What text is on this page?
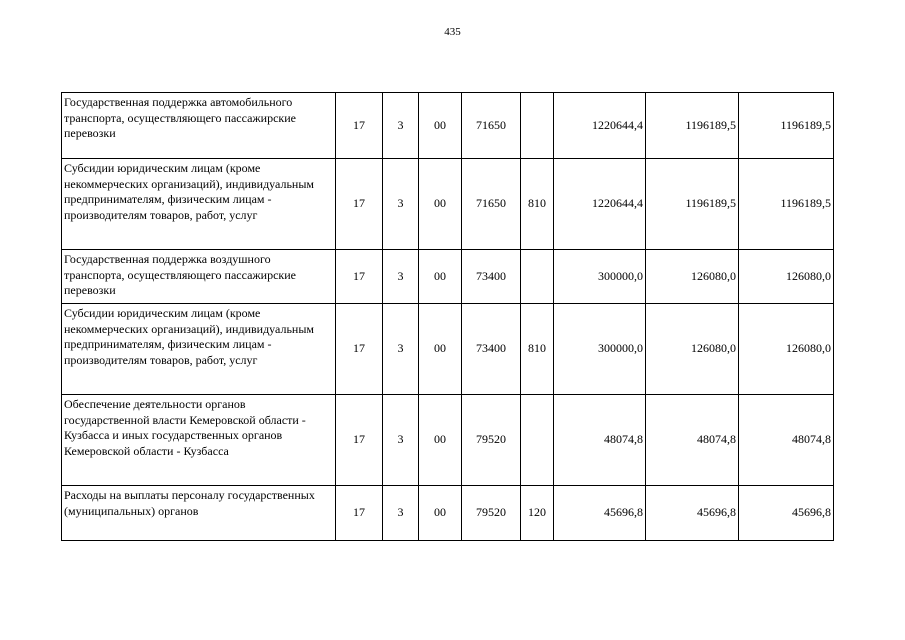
435
Государственная поддержка автомобильного транспорта, осуществляющего пассажирские перевозки	17	3	00	71650		1220644,4	1196189,5	1196189,5
Субсидии юридическим лицам (кроме некоммерческих организаций), индивидуальным предпринимателям, физическим лицам - производителям товаров, работ, услуг	17	3	00	71650	810	1220644,4	1196189,5	1196189,5
Государственная поддержка воздушного транспорта, осуществляющего пассажирские перевозки	17	3	00	73400		300000,0	126080,0	126080,0
Субсидии юридическим лицам (кроме некоммерческих организаций), индивидуальным предпринимателям, физическим лицам - производителям товаров, работ, услуг	17	3	00	73400	810	300000,0	126080,0	126080,0
Обеспечение деятельности органов государственной власти Кемеровской области - Кузбасса и иных государственных органов Кемеровской области - Кузбасса	17	3	00	79520		48074,8	48074,8	48074,8
Расходы на выплаты персоналу государственных (муниципальных) органов	17	3	00	79520	120	45696,8	45696,8	45696,8
